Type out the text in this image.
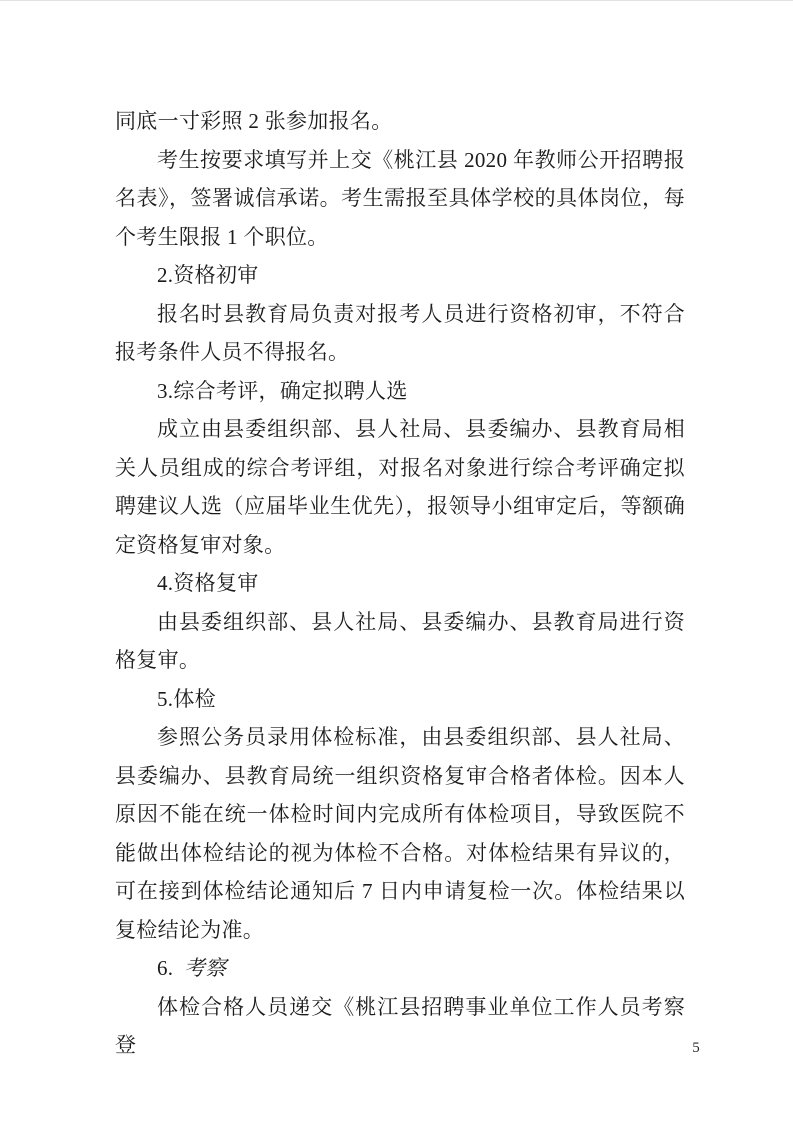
同底一寸彩照 2 张参加报名。

考生按要求填写并上交《桃江县 2020 年教师公开招聘报名表》，签署诚信承诺。考生需报至具体学校的具体岗位，每个考生限报 1 个职位。

2.资格初审

报名时县教育局负责对报考人员进行资格初审，不符合报考条件人员不得报名。

3.综合考评，确定拟聘人选

成立由县委组织部、县人社局、县委编办、县教育局相关人员组成的综合考评组，对报名对象进行综合考评确定拟聘建议人选（应届毕业生优先），报领导小组审定后，等额确定资格复审对象。

4.资格复审

由县委组织部、县人社局、县委编办、县教育局进行资格复审。

5.体检

参照公务员录用体检标准，由县委组织部、县人社局、县委编办、县教育局统一组织资格复审合格者体检。因本人原因不能在统一体检时间内完成所有体检项目，导致医院不能做出体检结论的视为体检不合格。对体检结果有异议的，可在接到体检结论通知后 7 日内申请复检一次。体检结果以复检结论为准。

6. 考察

体检合格人员递交《桃江县招聘事业单位工作人员考察登	5
